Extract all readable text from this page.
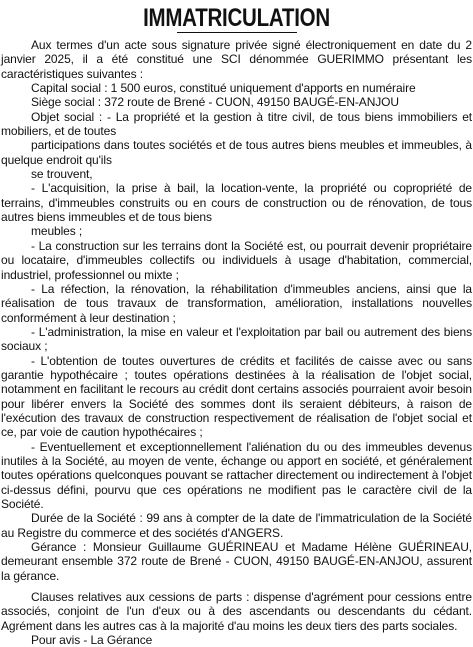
IMMATRICULATION

Aux termes d'un acte sous signature privée signé électroniquement en date du 2 janvier 2025, il a été constitué une SCI dénommée GUERIMMO présentant les caractéristiques suivantes :

Capital social : 1 500 euros, constitué uniquement d'apports en numéraire

Siège social : 372 route de Brené - CUON, 49150 BAUGÉ-EN-ANJOU

Objet social : - La propriété et la gestion à titre civil, de tous biens immobiliers et mobiliers, et de toutes

participations dans toutes sociétés et de tous autres biens meubles et immeubles, à quelque endroit qu'ils

se trouvent,

- L'acquisition, la prise à bail, la location-vente, la propriété ou copropriété de terrains, d'immeubles construits ou en cours de construction ou de rénovation, de tous autres biens immeubles et de tous biens

meubles ;

- La construction sur les terrains dont la Société est, ou pourrait devenir propriétaire ou locataire, d'immeubles collectifs ou individuels à usage d'habitation, commercial, industriel, professionnel ou mixte ;

- La réfection, la rénovation, la réhabilitation d'immeubles anciens, ainsi que la réalisation de tous travaux de transformation, amélioration, installations nouvelles conformément à leur destination ;

- L'administration, la mise en valeur et l'exploitation par bail ou autrement des biens sociaux ;

- L'obtention de toutes ouvertures de crédits et facilités de caisse avec ou sans garantie hypothécaire ; toutes opérations destinées à la réalisation de l'objet social, notamment en facilitant le recours au crédit dont certains associés pourraient avoir besoin pour libérer envers la Société des sommes dont ils seraient débiteurs, à raison de l'exécution des travaux de construction respectivement de réalisation de l'objet social et ce, par voie de caution hypothécaires ;

- Eventuellement et exceptionnellement l'aliénation du ou des immeubles devenus inutiles à la Société, au moyen de vente, échange ou apport en société, et généralement toutes opérations quelconques pouvant se rattacher directement ou indirectement à l'objet ci-dessus défini, pourvu que ces opérations ne modifient pas le caractère civil de la Société.

Durée de la Société : 99 ans à compter de la date de l'immatriculation de la Société au Registre du commerce et des sociétés d'ANGERS.

Gérance : Monsieur Guillaume GUÉRINEAU et Madame Hélène GUÉRINEAU, demeurant ensemble 372 route de Brené - CUON, 49150 BAUGÉ-EN-ANJOU, assurent la gérance.

Clauses relatives aux cessions de parts : dispense d'agrément pour cessions entre associés, conjoint de l'un d'eux ou à des ascendants ou descendants du cédant. Agrément dans les autres cas à la majorité d'au moins les deux tiers des parts sociales.

Pour avis - La Gérance
